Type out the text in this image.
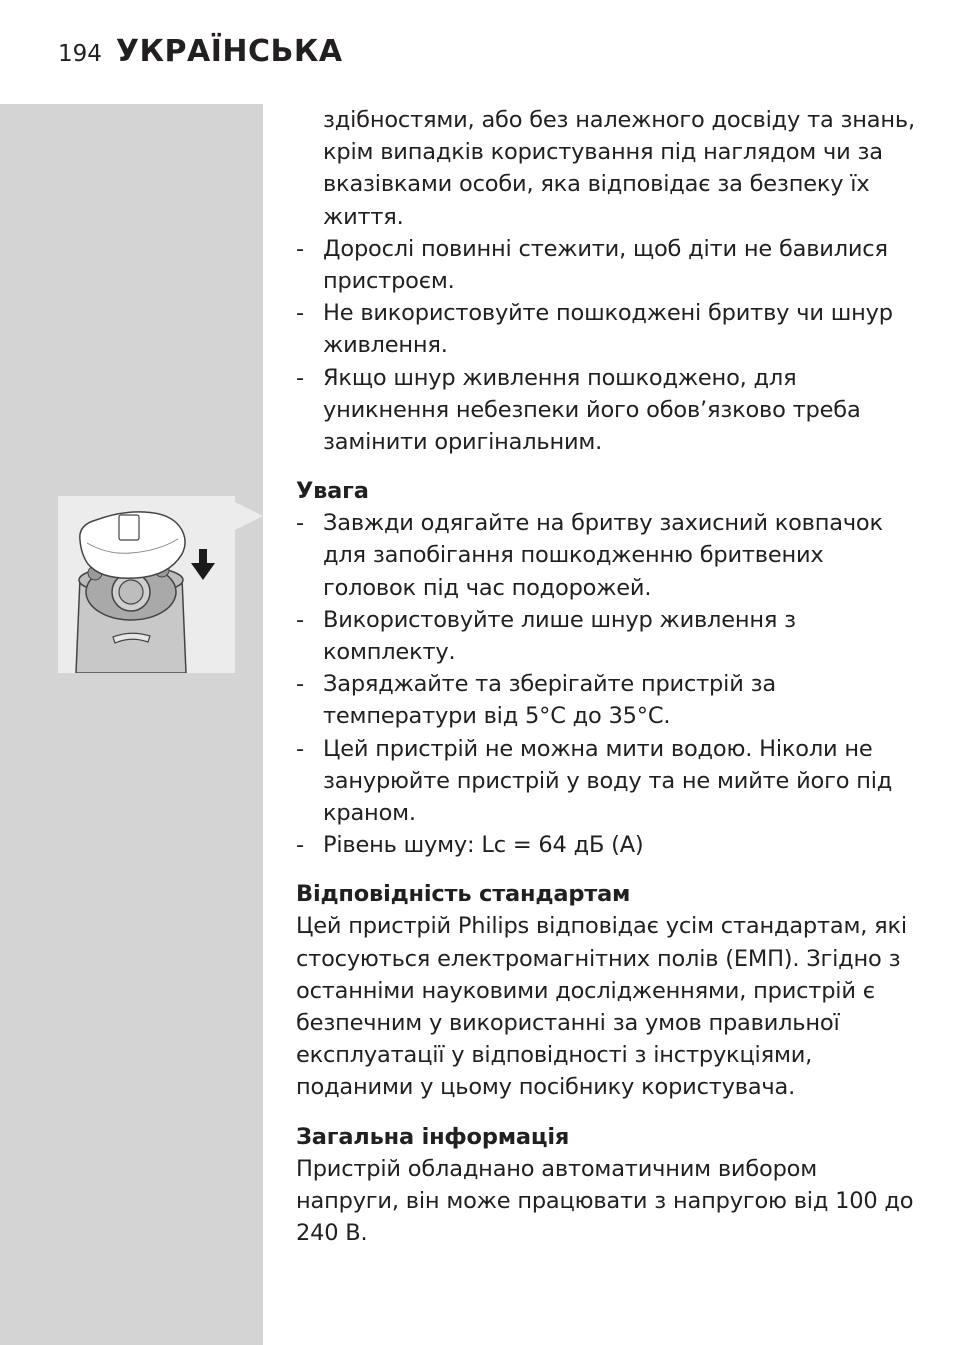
194 УКРАЇНСЬКА

здібностями, або без належного досвіду та знань, крім випадків користування під наглядом чи за вказівками особи, яка відповідає за безпеку їх життя.

- Дорослі повинні стежити, щоб діти не бавилися пристроєм.
- Не використовуйте пошкоджені бритву чи шнур живлення.
- Якщо шнур живлення пошкоджено, для уникнення небезпеки його обов’язково треба замінити оригінальним.
Увага
- Завжди одягайте на бритву захисний ковпачок для запобігання пошкодженню бритвених головок під час подорожей.
- Використовуйте лише шнур живлення з комплекту.
- Заряджайте та зберігайте пристрій за температури від 5°C до 35°C.
- Цей пристрій не можна мити водою. Ніколи не занурюйте пристрій у воду та не мийте його під краном.
- Рівень шуму: Lc = 64 дБ (A)
Відповідність стандартам

Цей пристрій Philips відповідає усім стандартам, які стосуються електромагнітних полів (ЕМП). Згідно з останніми науковими дослідженнями, пристрій є безпечним у використанні за умов правильної експлуатації у відповідності з інструкціями, поданими у цьому посібнику користувача.

Загальна інформація

Пристрій обладнано автоматичним вибором напруги, він може працювати з напругою від 100 до 240 В.
